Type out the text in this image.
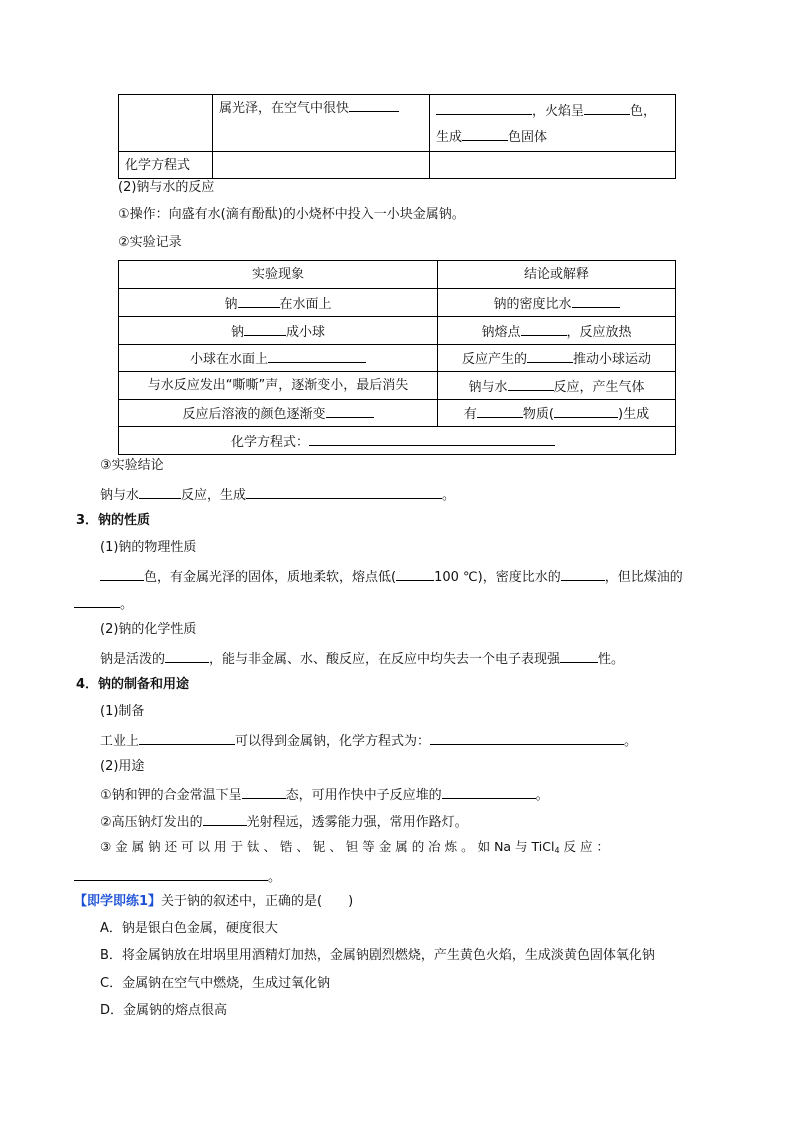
	属光泽，在空气中很快	，火焰呈 色，
生成 色固体
化学方程式		
(2)钠与水的反应
①操作：向盛有水(滴有酚酞)的小烧杯中投入一小块金属钠。
②实验记录
实验现象	结论或解释
钠 在水面上	钠的密度比水
钠 成小球	钠熔点 ，反应放热
小球在水面上	反应产生的 推动小球运动
与水反应发出“嘶嘶”声，逐渐变小，最后消失	钠与水 反应，产生气体
反应后溶液的颜色逐渐变	有 物质( )生成
化学方程式：	
③实验结论
钠与水	反应，生成	。
3．钠的性质
(1)钠的物理性质
色，有金属光泽的固体，质地柔软，熔点低(	100 ℃)，密度比水的	，但比煤油的
。
(2)钠的化学性质
钠是活泼的	，能与非金属、水、酸反应，在反应中均失去一个电子表现强	性。
4．钠的制备和用途
(1)制备
工业上	可以得到金属钠，化学方程式为：	。
(2)用途
①钠和钾的合金常温下呈	态，可用作快中子反应堆的	。
②高压钠灯发出的	光射程远，透雾能力强，常用作路灯。
③ 金 属 钠 还 可 以 用 于 钛 、 锆 、 铌 、 钽 等 金 属 的 冶 炼 。 如 Na 与 TiCl$_4$ 反 应 ：
。
【即学即练1】关于钠的叙述中，正确的是(　　)
A．钠是银白色金属，硬度很大
B．将金属钠放在坩埚里用酒精灯加热，金属钠剧烈燃烧，产生黄色火焰，生成淡黄色固体氧化钠
C．金属钠在空气中燃烧，生成过氧化钠
D．金属钠的熔点很高
